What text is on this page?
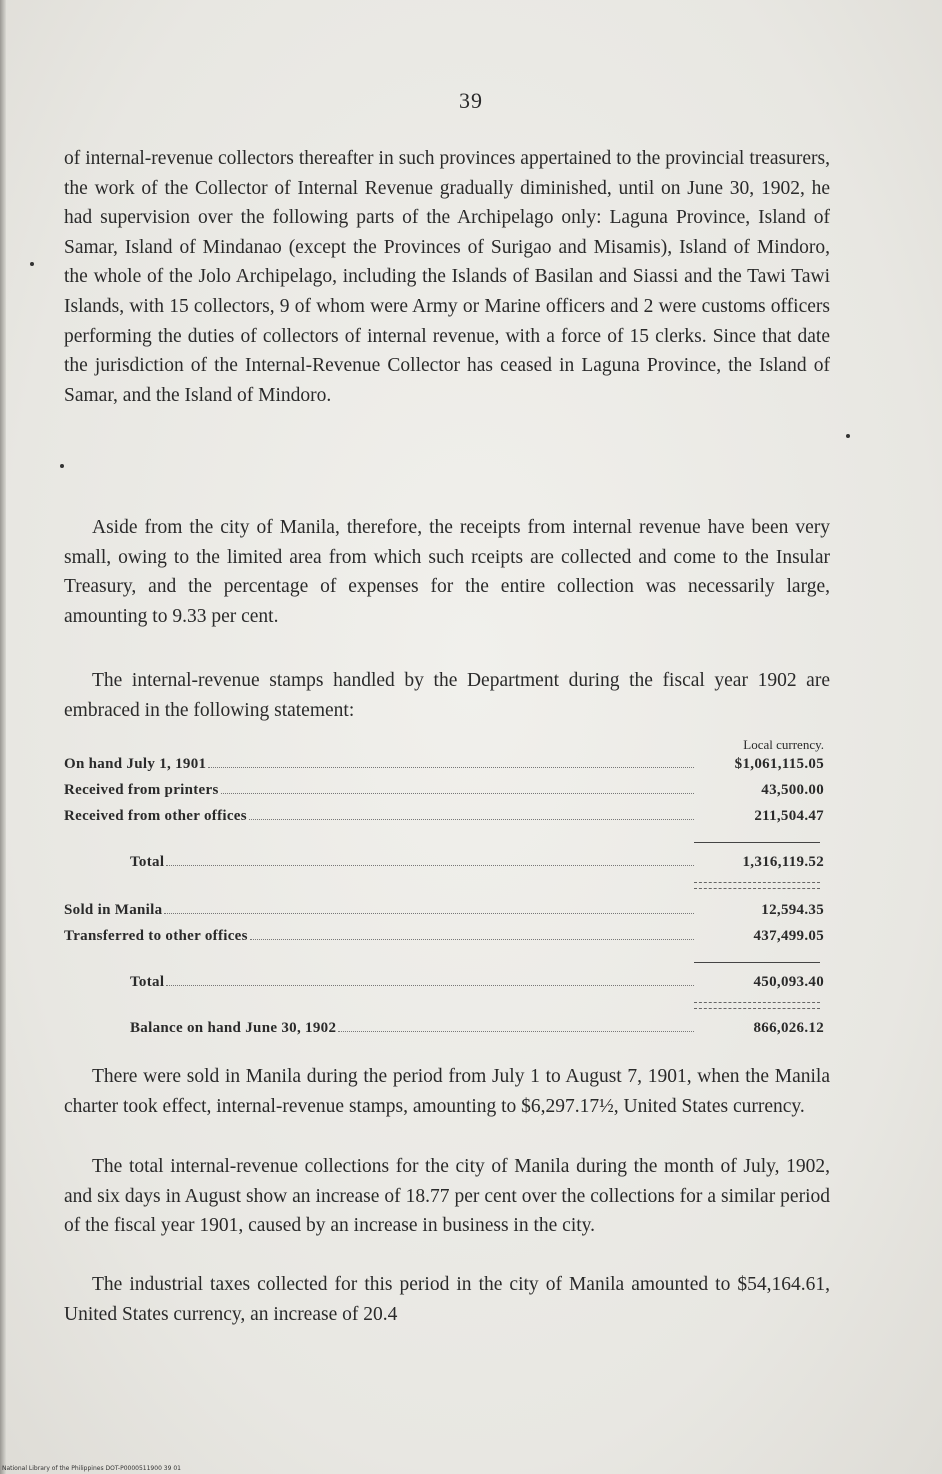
39

of internal-revenue collectors thereafter in such provinces appertained to the provincial treasurers, the work of the Collector of Internal Revenue gradually diminished, until on June 30, 1902, he had supervision over the following parts of the Archipelago only: Laguna Province, Island of Samar, Island of Mindanao (except the Provinces of Surigao and Misamis), Island of Mindoro, the whole of the Jolo Archipelago, including the Islands of Basilan and Siassi and the Tawi Tawi Islands, with 15 collectors, 9 of whom were Army or Marine officers and 2 were customs officers performing the duties of collectors of internal revenue, with a force of 15 clerks. Since that date the jurisdiction of the Internal-Revenue Collector has ceased in Laguna Province, the Island of Samar, and the Island of Mindoro.

Aside from the city of Manila, therefore, the receipts from internal revenue have been very small, owing to the limited area from which such rceipts are collected and come to the Insular Treasury, and the percentage of expenses for the entire collection was necessarily large, amounting to 9.33 per cent.

The internal-revenue stamps handled by the Department during the fiscal year 1902 are embraced in the following statement:

Local currency.
On hand July 1, 1901	$1,061,115.05
Received from printers	43,500.00
Received from other offices	211,504.47
Total	1,316,119.52
Sold in Manila	12,594.35
Transferred to other offices	437,499.05
Total	450,093.40
Balance on hand June 30, 1902	866,026.12

There were sold in Manila during the period from July 1 to August 7, 1901, when the Manila charter took effect, internal-revenue stamps, amounting to $6,297.17½, United States currency.

The total internal-revenue collections for the city of Manila during the month of July, 1902, and six days in August show an increase of 18.77 per cent over the collections for a similar period of the fiscal year 1901, caused by an increase in business in the city.

The industrial taxes collected for this period in the city of Manila amounted to $54,164.61, United States currency, an increase of 20.4

National Library of the Philippines DOT-P0000511900 39 01
